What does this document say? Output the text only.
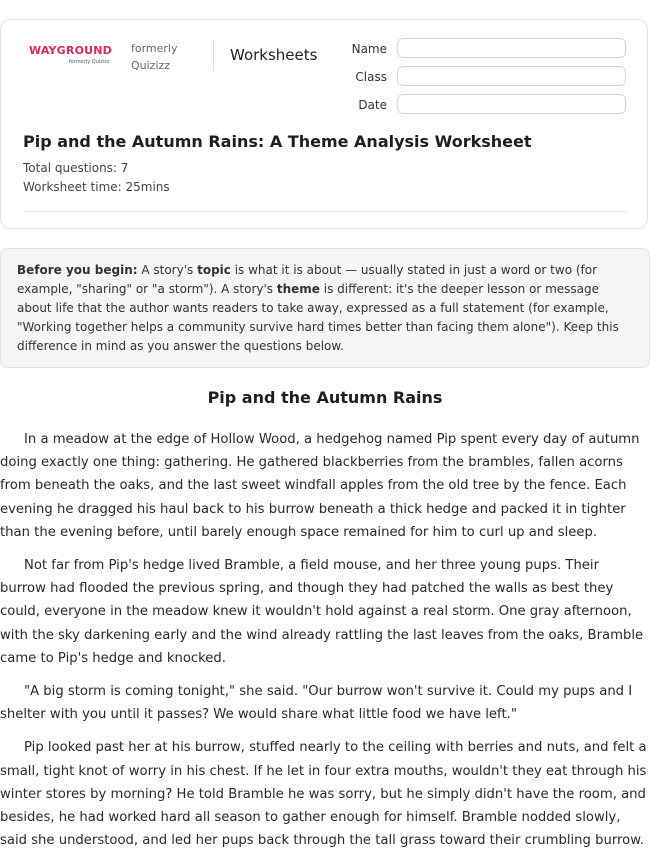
WAYGROUND
formerly Quizizz
formerly
Quizizz
Worksheets	Name
Class
Date
Pip and the Autumn Rains: A Theme Analysis Worksheet
Total questions: 7
Worksheet time: 25mins
Before you begin: A story's topic is what it is about — usually stated in just a word or two (for example, "sharing" or "a storm"). A story's theme is different: it's the deeper lesson or message about life that the author wants readers to take away, expressed as a full statement (for example, "Working together helps a community survive hard times better than facing them alone"). Keep this difference in mind as you answer the questions below.
Pip and the Autumn Rains

In a meadow at the edge of Hollow Wood, a hedgehog named Pip spent every day of autumn doing exactly one thing: gathering. He gathered blackberries from the brambles, fallen acorns from beneath the oaks, and the last sweet windfall apples from the old tree by the fence. Each evening he dragged his haul back to his burrow beneath a thick hedge and packed it in tighter than the evening before, until barely enough space remained for him to curl up and sleep.

Not far from Pip's hedge lived Bramble, a field mouse, and her three young pups. Their burrow had flooded the previous spring, and though they had patched the walls as best they could, everyone in the meadow knew it wouldn't hold against a real storm. One gray afternoon, with the sky darkening early and the wind already rattling the last leaves from the oaks, Bramble came to Pip's hedge and knocked.

"A big storm is coming tonight," she said. "Our burrow won't survive it. Could my pups and I shelter with you until it passes? We would share what little food we have left."

Pip looked past her at his burrow, stuffed nearly to the ceiling with berries and nuts, and felt a small, tight knot of worry in his chest. If he let in four extra mouths, wouldn't they eat through his winter stores by morning? He told Bramble he was sorry, but he simply didn't have the room, and besides, he had worked hard all season to gather enough for himself. Bramble nodded slowly, said she understood, and led her pups back through the tall grass toward their crumbling burrow.
